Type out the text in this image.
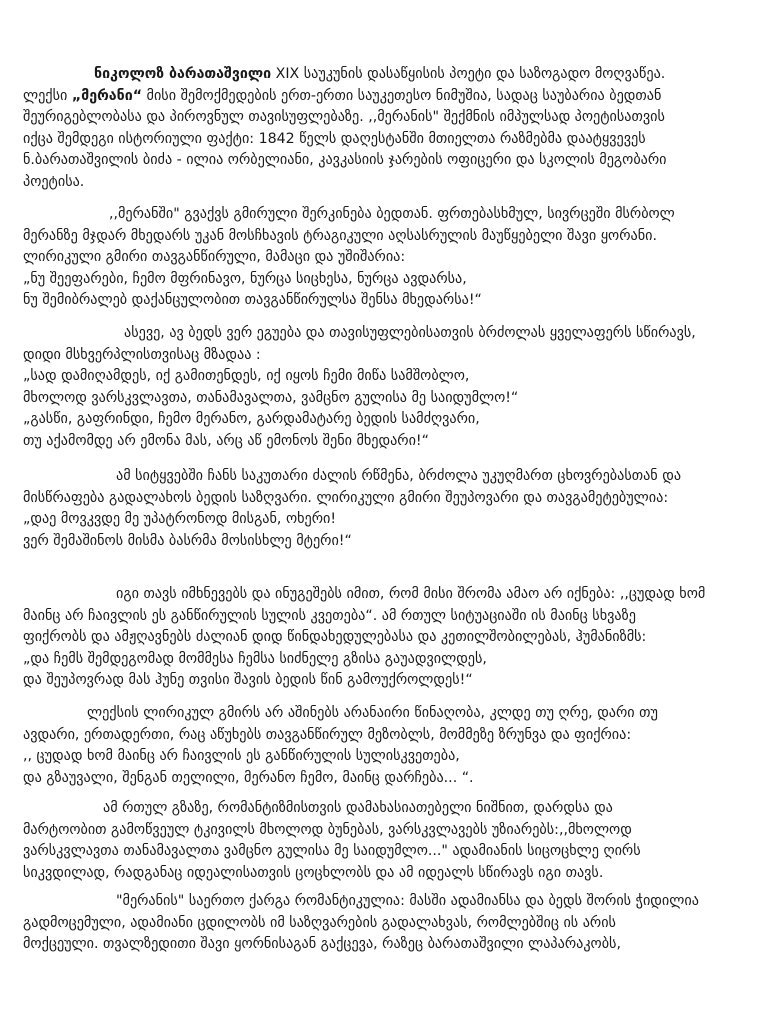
ნიკოლოზ ბარათაშვილი XIX საუკუნის დასაწყისის პოეტი და საზოგადო მოღვაწეა.
ლექსი „მერანი“ მისი შემოქმედების ერთ-ერთი საუკეთესო ნიმუშია, სადაც საუბარია ბედთან
შეურიგებლობასა და პიროვნულ თავისუფლებაზე. ,,მერანის" შექმნის იმპულსად პოეტისათვის
იქცა შემდეგი ისტორიული ფაქტი: 1842 წელს დაღესტანში მთიელთა რაზმებმა დაატყვევეს
ნ.ბარათაშვილის ბიძა - ილია ორბელიანი, კავკასიის ჯარების ოფიცერი და სკოლის მეგობარი
პოეტისა.
,,მერანში" გვაქვს გმირული შერკინება ბედთან. ფრთებასხმულ, სივრცეში მსრბოლ
მერანზე მჯდარ მხედარს უკან მოსჩხავის ტრაგიკული აღსასრულის მაუწყებელი შავი ყორანი.
ლირიკული გმირი თავგანწირული, მამაცი და უშიშარია:
„ნუ შეეფარები, ჩემო მფრინავო, ნურცა სიცხესა, ნურცა ავდარსა,
ნუ შემიბრალებ დაქანცულობით თავგანწირულსა შენსა მხედარსა!“
ასევე, ავ ბედს ვერ ეგუება და თავისუფლებისათვის ბრძოლას ყველაფერს სწირავს,
დიდი მსხვერპლისთვისაც მზადაა :
„სად დამიღამდეს, იქ გამითენდეს, იქ იყოს ჩემი მიწა სამშობლო,
მხოლოდ ვარსკვლავთა, თანამავალთა, ვამცნო გულისა მე საიდუმლო!“
„გასწი, გაფრინდი, ჩემო მერანო, გარდამატარე ბედის სამძღვარი,
თუ აქამომდე არ ემონა მას, არც აწ ემონოს შენი მხედარი!“
ამ სიტყვებში ჩანს საკუთარი ძალის რწმენა, ბრძოლა უკუღმართ ცხოვრებასთან და
მისწრაფება გადალახოს ბედის საზღვარი. ლირიკული გმირი შეუპოვარი და თავგამეტებულია:
„დაე მოვკვდე მე უპატრონოდ მისგან, ოხერი!
ვერ შემაშინოს მისმა ბასრმა მოსისხლე მტერი!“
იგი თავს იმხნევებს და ინუგეშებს იმით, რომ მისი შრომა ამაო არ იქნება: ,,ცუდად ხომ
მაინც არ ჩაივლის ეს განწირულის სულის კვეთება“. ამ რთულ სიტუაციაში ის მაინც სხვაზე
ფიქრობს და ამჟღავნებს ძალიან დიდ წინდახედულებასა და კეთილშობილებას, ჰუმანიზმს:
„და ჩემს შემდეგომად მომმესა ჩემსა სიძნელე გზისა გაუადვილდეს,
და შეუპოვრად მას ჰუნე თვისი შავის ბედის წინ გამოუქროლდეს!“
ლექსის ლირიკულ გმირს არ აშინებს არანაირი წინაღობა, კლდე თუ ღრე, დარი თუ
ავდარი, ერთადერთი, რაც აწუხებს თავგანწირულ მეზობლს, მომმეზე ზრუნვა და ფიქრია:
,, ცუდად ხომ მაინც არ ჩაივლის ეს განწირულის სულისკვეთება,
და გზაუვალი, შენგან თელილი, მერანო ჩემო, მაინც დარჩება... “.
ამ რთულ გზაზე, რომანტიზმისთვის დამახასიათებელი ნიშნით, დარდსა და
მარტოობით გამოწვეულ ტკივილს მხოლოდ ბუნებას, ვარსკვლავებს უზიარებს:,,მხოლოდ
ვარსკვლავთა თანამავალთა ვამცნო გულისა მე საიდუმლო..." ადამიანის სიცოცხლე ღირს
სიკვდილად, რადგანაც იდეალისათვის ცოცხლობს და ამ იდეალს სწირავს იგი თავს.
"მერანის" საერთო ქარგა რომანტიკულია: მასში ადამიანსა და ბედს შორის ჭიდილია
გადმოცემული, ადამიანი ცდილობს იმ საზღვარების გადალახვას, რომლებშიც ის არის
მოქცეული. თვალზედითი შავი ყორნისაგან გაქცევა, რაზეც ბარათაშვილი ლაპარაკობს,
